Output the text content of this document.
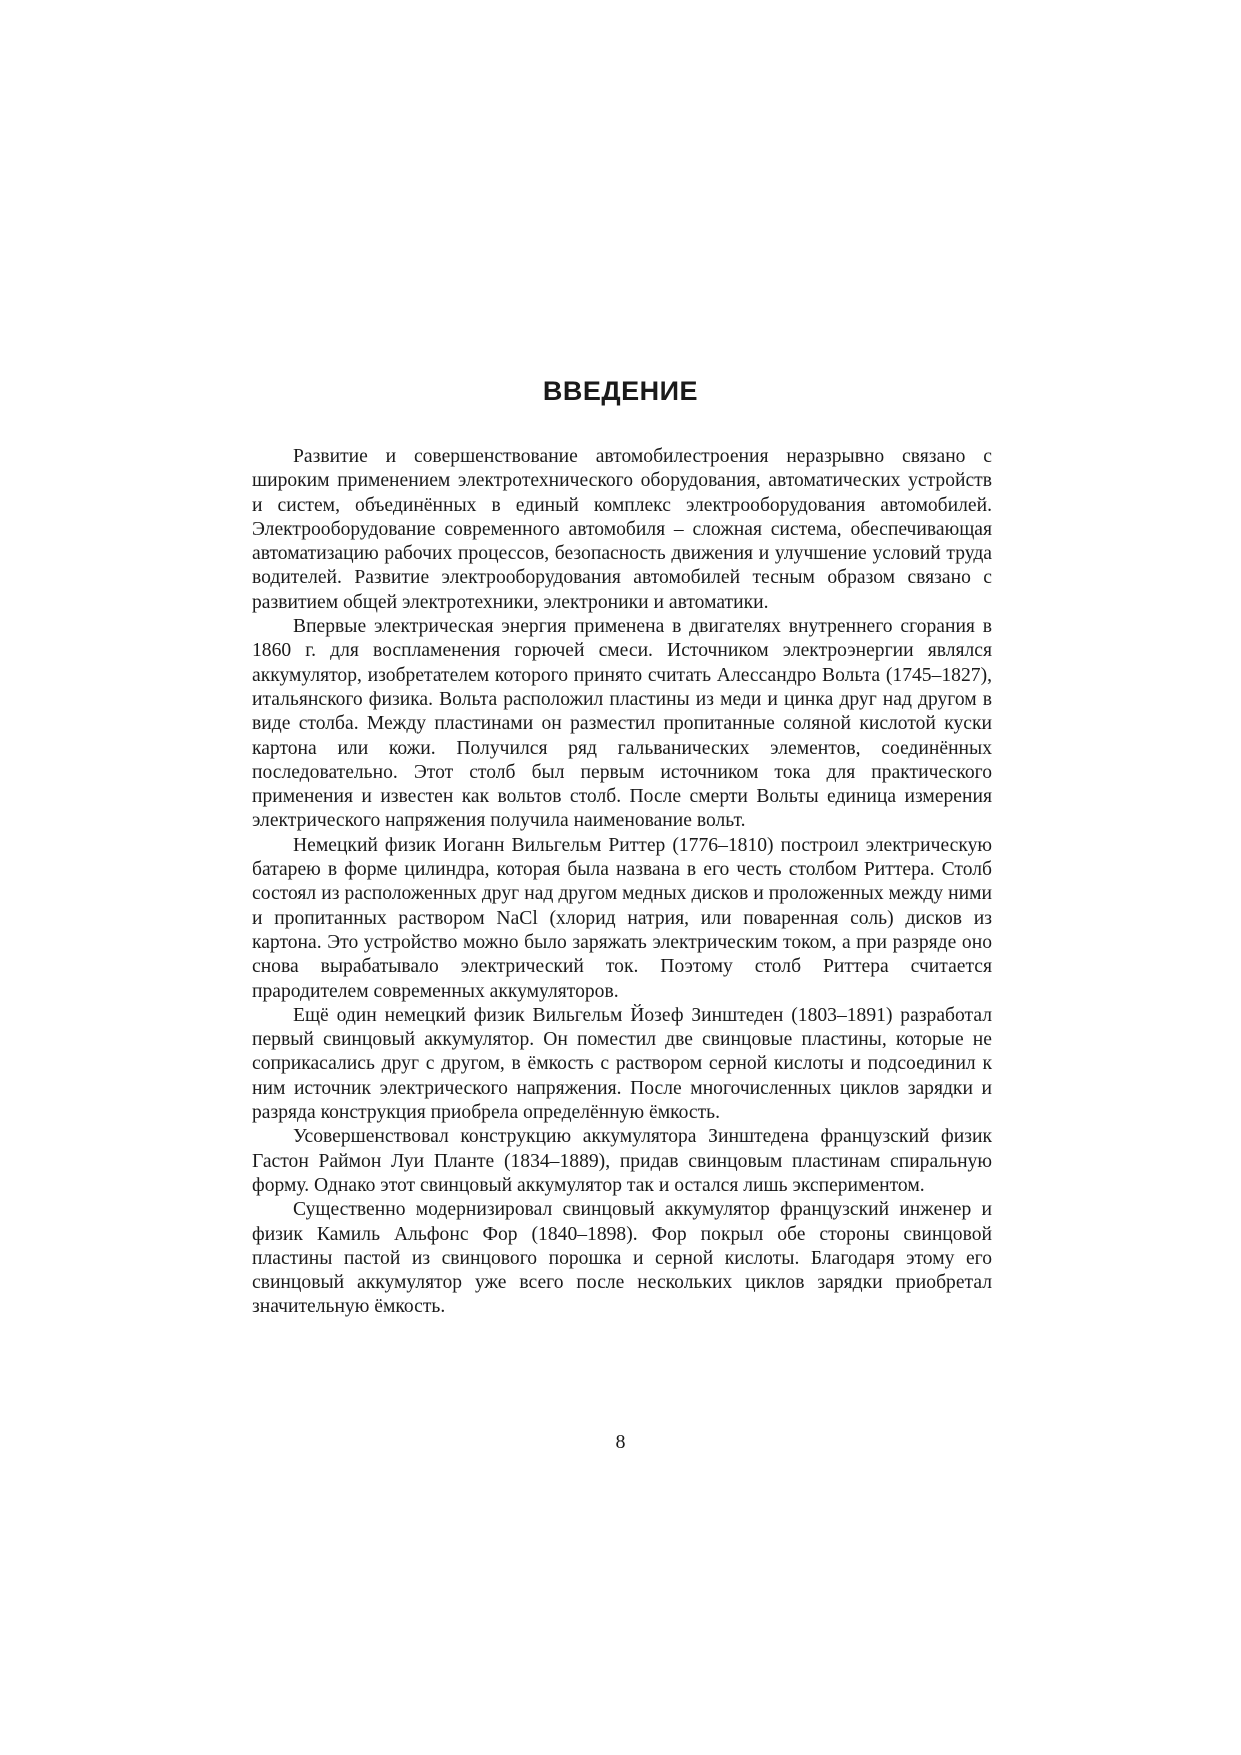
ВВЕДЕНИЕ

Развитие и совершенствование автомобилестроения неразрывно связано с широким применением электротехнического оборудования, автоматических устройств и систем, объединённых в единый комплекс электрооборудования автомобилей. Электрооборудование современного автомобиля – сложная система, обеспечивающая автоматизацию рабочих процессов, безопасность движения и улучшение условий труда водителей. Развитие электрооборудования автомобилей тесным образом связано с развитием общей электротехники, электроники и автоматики.

Впервые электрическая энергия применена в двигателях внутреннего сгорания в 1860 г. для воспламенения горючей смеси. Источником электроэнергии являлся аккумулятор, изобретателем которого принято считать Алессандро Вольта (1745–1827), итальянского физика. Вольта расположил пластины из меди и цинка друг над другом в виде столба. Между пластинами он разместил пропитанные соляной кислотой куски картона или кожи. Получился ряд гальванических элементов, соединённых последовательно. Этот столб был первым источником тока для практического применения и известен как вольтов столб. После смерти Вольты единица измерения электрического напряжения получила наименование вольт.

Немецкий физик Иоганн Вильгельм Риттер (1776–1810) построил электрическую батарею в форме цилиндра, которая была названа в его честь столбом Риттера. Столб состоял из расположенных друг над другом медных дисков и проложенных между ними и пропитанных раствором NaCl (хлорид натрия, или поваренная соль) дисков из картона. Это устройство можно было заряжать электрическим током, а при разряде оно снова вырабатывало электрический ток. Поэтому столб Риттера считается прародителем современных аккумуляторов.

Ещё один немецкий физик Вильгельм Йозеф Зинштеден (1803–1891) разработал первый свинцовый аккумулятор. Он поместил две свинцовые пластины, которые не соприкасались друг с другом, в ёмкость с раствором серной кислоты и подсоединил к ним источник электрического напряжения. После многочисленных циклов зарядки и разряда конструкция приобрела определённую ёмкость.

Усовершенствовал конструкцию аккумулятора Зинштедена французский физик Гастон Раймон Луи Планте (1834–1889), придав свинцовым пластинам спиральную форму. Однако этот свинцовый аккумулятор так и остался лишь экспериментом.

Существенно модернизировал свинцовый аккумулятор французский инженер и физик Камиль Альфонс Фор (1840–1898). Фор покрыл обе стороны свинцовой пластины пастой из свинцового порошка и серной кислоты. Благодаря этому его свинцовый аккумулятор уже всего после нескольких циклов зарядки приобретал значительную ёмкость.

8
